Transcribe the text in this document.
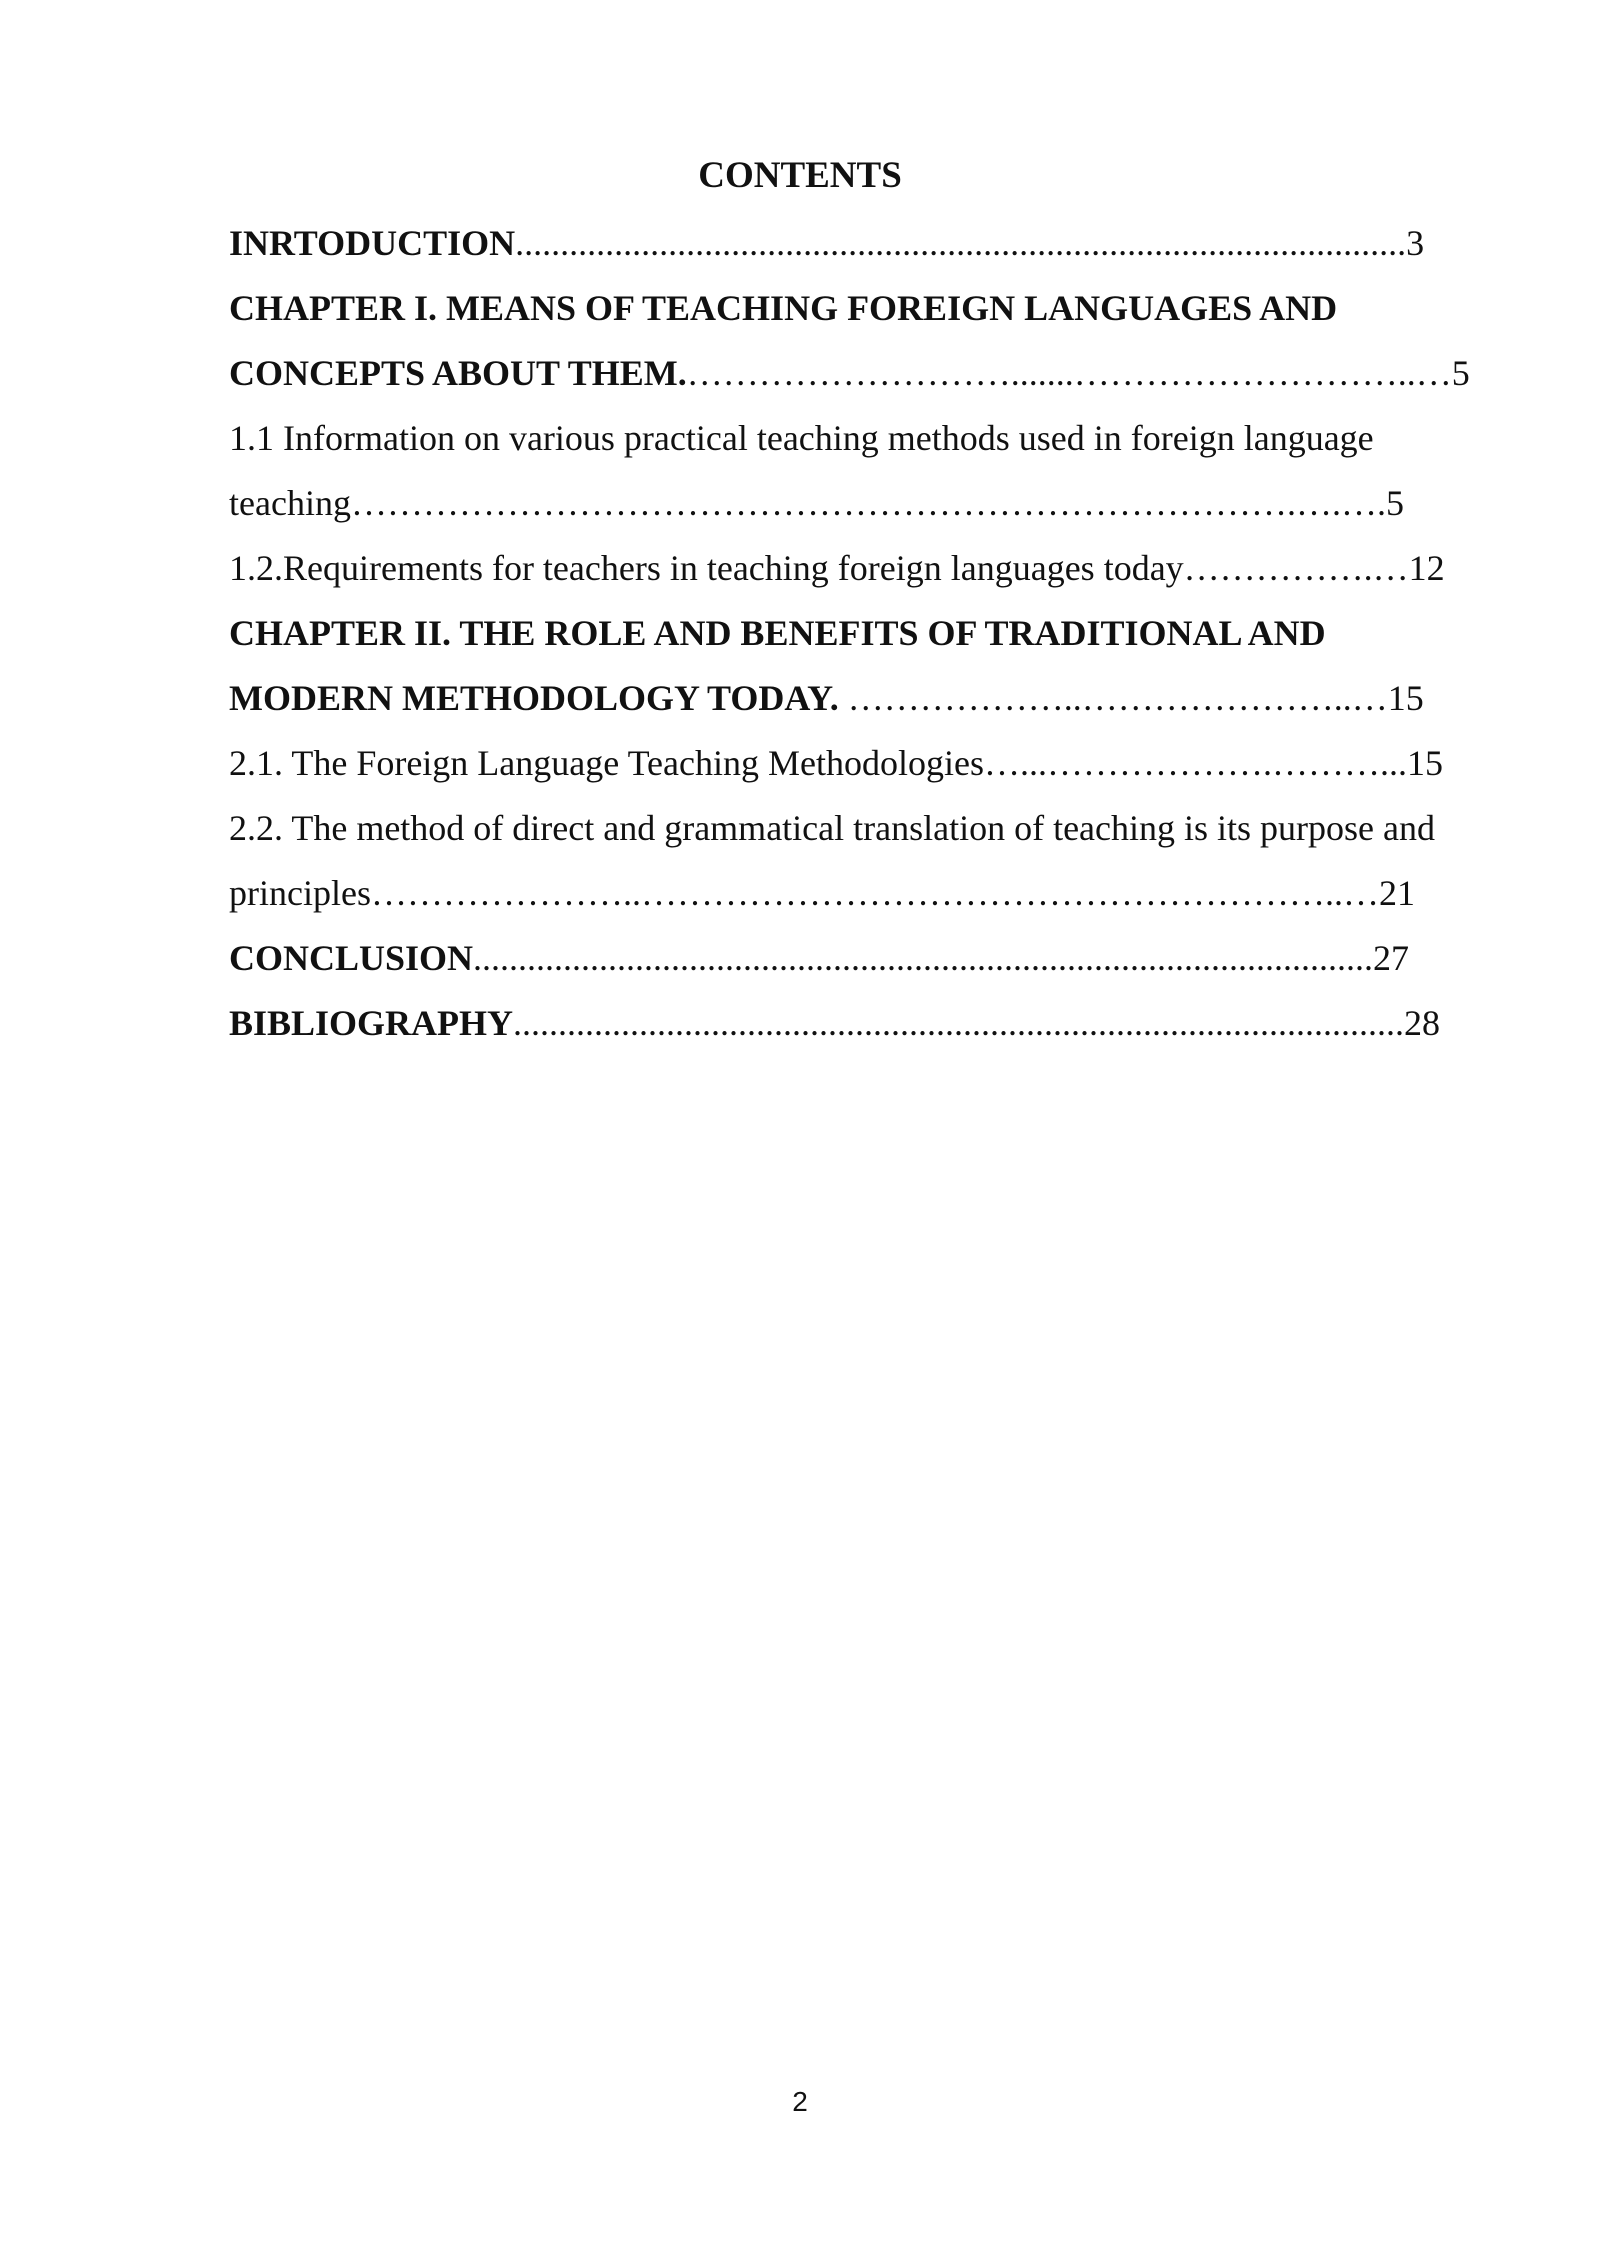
CONTENTS
INRTODUCTION...................................................................................................3
CHAPTER I. MEANS OF TEACHING FOREIGN LANGUAGES AND
CONCEPTS ABOUT THEM.……………………….......………………………..…5
1.1 Information on various practical teaching methods used in foreign language
teaching…………………………………………………………………….….….5
1.2.Requirements for teachers in teaching foreign languages today…………….…12
CHAPTER II. THE ROLE AND BENEFITS OF TRADITIONAL AND
MODERN METHODOLOGY TODAY. ………………..…………………..…15
2.1. The Foreign Language Teaching Methodologies…...……………….………...15
2.2. The method of direct and grammatical translation of teaching is its purpose and
principles…………………..…………………………………………………..…21
CONCLUSION....................................................................................................27
BIBLIOGRAPHY...................................................................................................28
2
